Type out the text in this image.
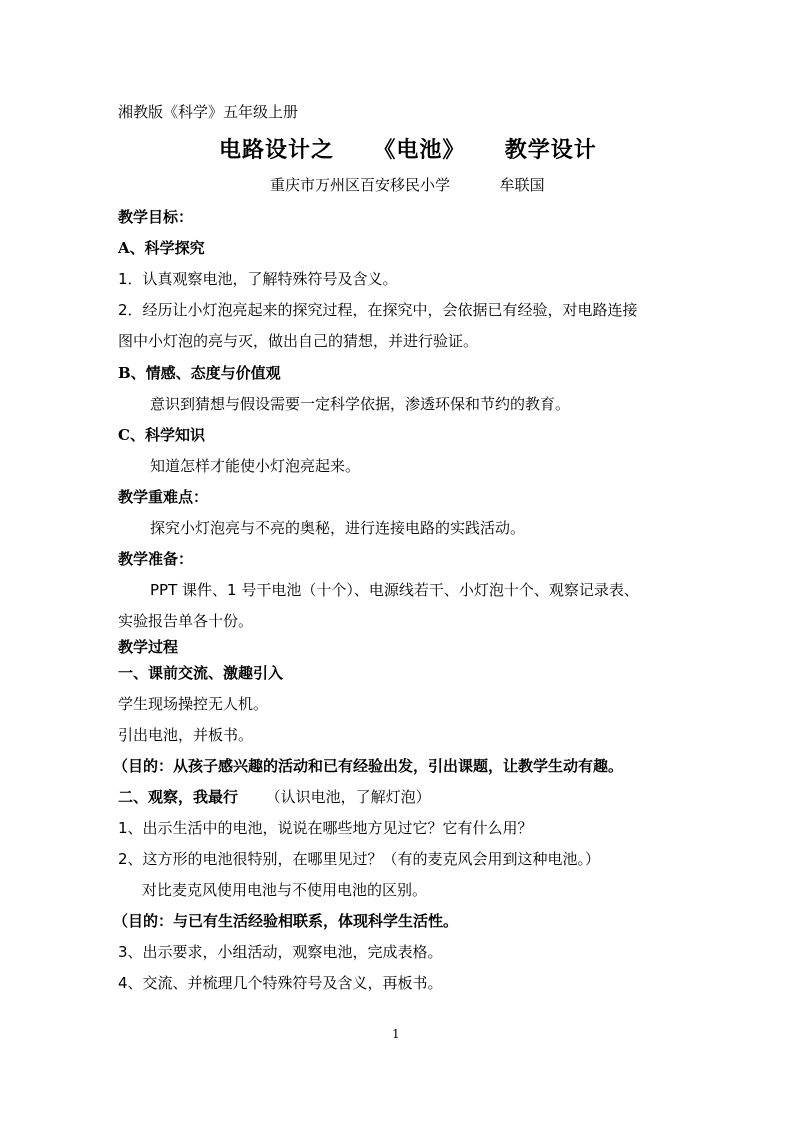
湘教版《科学》五年级上册
电路设计之 《电池》 教学设计
重庆市万州区百安移民小学	牟联国
教学目标：
A、科学探究
1．认真观察电池，了解特殊符号及含义。
2．经历让小灯泡亮起来的探究过程，在探究中，会依据已有经验，对电路连接
图中小灯泡的亮与灭，做出自己的猜想，并进行验证。
B、情感、态度与价值观
意识到猜想与假设需要一定科学依据，渗透环保和节约的教育。
C、科学知识
知道怎样才能使小灯泡亮起来。
教学重难点：
探究小灯泡亮与不亮的奥秘，进行连接电路的实践活动。
教学准备：
PPT 课件、1 号干电池（十个）、电源线若干、小灯泡十个、观察记录表、
实验报告单各十份。
教学过程
一、课前交流、激趣引入
学生现场操控无人机。
引出电池，并板书。
（目的：从孩子感兴趣的活动和已有经验出发，引出课题，让教学生动有趣。
二、观察，我最行 （认识电池，了解灯泡）
1、出示生活中的电池，说说在哪些地方见过它？它有什么用？
2、这方形的电池很特别，在哪里见过？（有的麦克风会用到这种电池。）
对比麦克风使用电池与不使用电池的区别。
（目的：与已有生活经验相联系，体现科学生活性。
3、出示要求，小组活动，观察电池，完成表格。
4、交流、并梳理几个特殊符号及含义，再板书。
1
